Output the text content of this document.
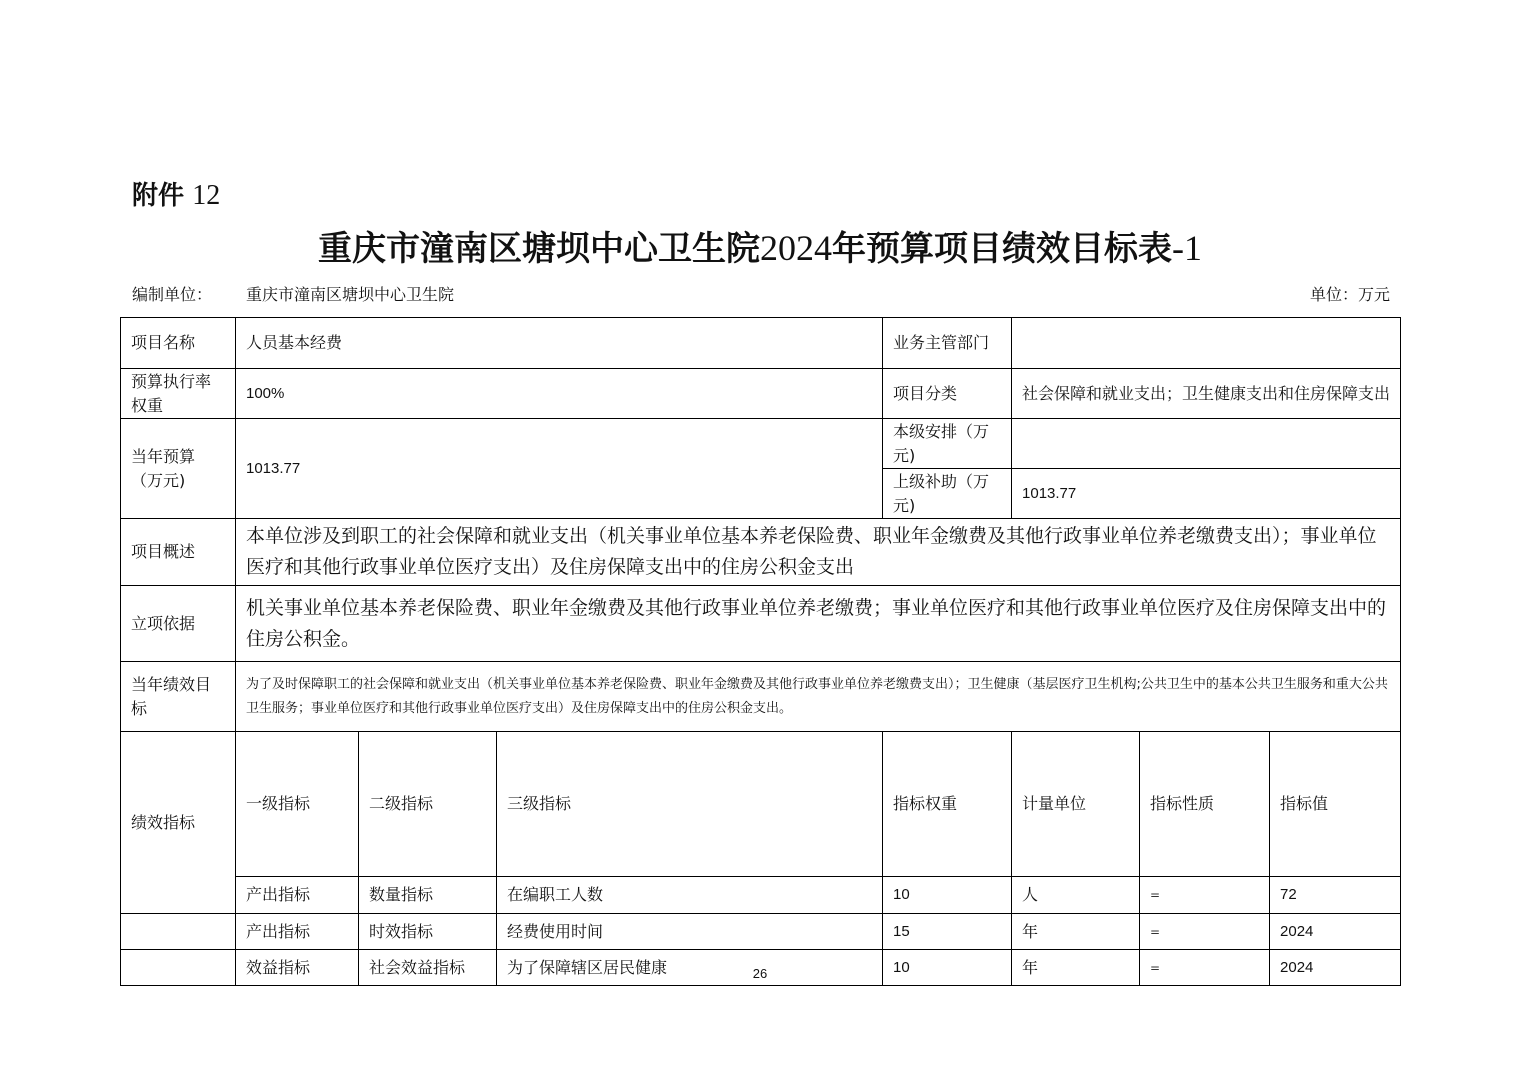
附件 12
重庆市潼南区塘坝中心卫生院2024年预算项目绩效目标表-1
编制单位： 重庆市潼南区塘坝中心卫生院	单位：万元
项目名称	人员基本经费			业务主管部门				
预算执行率权重	100%			项目分类	社会保障和就业支出；卫生健康支出和住房保障支出			
当年预算（万元)	1013.77			本级安排（万元)				
				上级补助（万元)	1013.77			
项目概述	本单位涉及到职工的社会保障和就业支出（机关事业单位基本养老保险费、职业年金缴费及其他行政事业单位养老缴费支出）；事业单位医疗和其他行政事业单位医疗支出）及住房保障支出中的住房公积金支出							
立项依据	机关事业单位基本养老保险费、职业年金缴费及其他行政事业单位养老缴费；事业单位医疗和其他行政事业单位医疗及住房保障支出中的住房公积金。							
当年绩效目标	为了及时保障职工的社会保障和就业支出（机关事业单位基本养老保险费、职业年金缴费及其他行政事业单位养老缴费支出）；卫生健康（基层医疗卫生机构;公共卫生中的基本公共卫生服务和重大公共卫生服务；事业单位医疗和其他行政事业单位医疗支出）及住房保障支出中的住房公积金支出。							
绩效指标	一级指标	二级指标	三级指标	指标权重	计量单位	指标性质	指标值	
	产出指标	数量指标	在编职工人数	10	人	=	72	
	产出指标	时效指标	经费使用时间	15	年	=	2024	
	效益指标	社会效益指标	为了保障辖区居民健康	10	年	=	2024	
26
